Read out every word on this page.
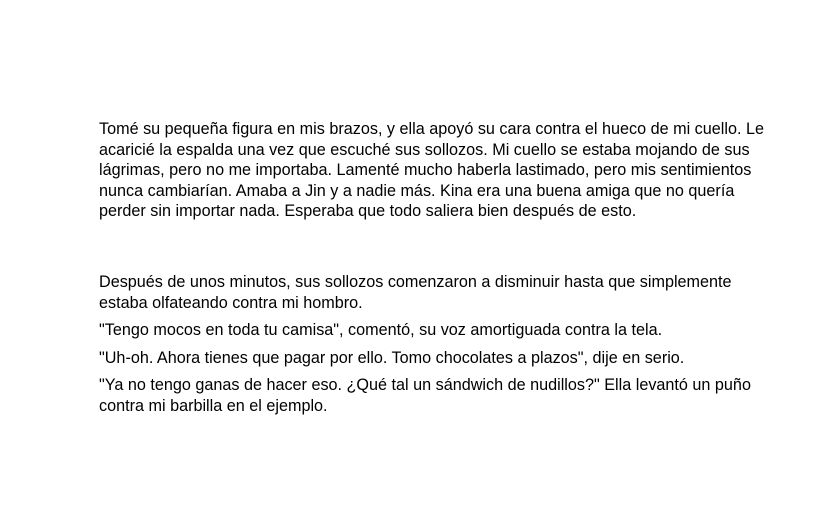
Tomé su pequeña figura en mis brazos, y ella apoyó su cara contra el hueco de mi cuello. Le acaricié la espalda una vez que escuché sus sollozos. Mi cuello se estaba mojando de sus lágrimas, pero no me importaba. Lamenté mucho haberla lastimado, pero mis sentimientos nunca cambiarían. Amaba a Jin y a nadie más. Kina era una buena amiga que no quería perder sin importar nada. Esperaba que todo saliera bien después de esto.

Después de unos minutos, sus sollozos comenzaron a disminuir hasta que simplemente estaba olfateando contra mi hombro.

"Tengo mocos en toda tu camisa", comentó, su voz amortiguada contra la tela.

"Uh-oh. Ahora tienes que pagar por ello. Tomo chocolates a plazos", dije en serio.

"Ya no tengo ganas de hacer eso. ¿Qué tal un sándwich de nudillos?" Ella levantó un puño contra mi barbilla en el ejemplo.
